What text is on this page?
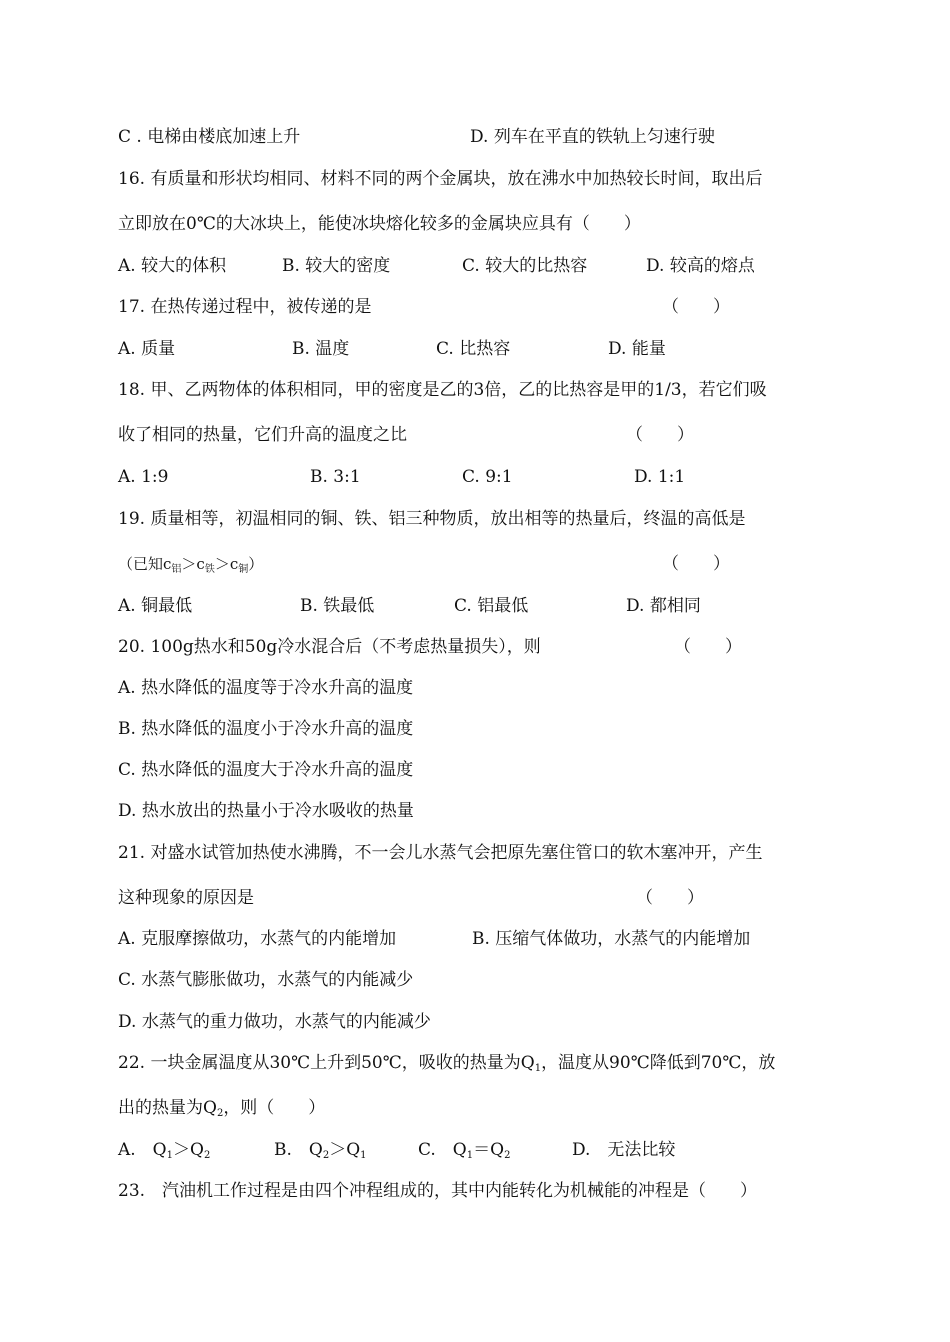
C . 电梯由楼底加速上升	D. 列车在平直的铁轨上匀速行驶
16. 有质量和形状均相同、材料不同的两个金属块，放在沸水中加热较长时间，取出后
立即放在0℃的大冰块上，能使冰块熔化较多的金属块应具有（　　）
A. 较大的体积	B. 较大的密度	C. 较大的比热容	D. 较高的熔点
17. 在热传递过程中，被传递的是	（　　）
A. 质量	B. 温度	C. 比热容	D. 能量
18. 甲、乙两物体的体积相同，甲的密度是乙的3倍，乙的比热容是甲的1/3，若它们吸
收了相同的热量，它们升高的温度之比	（　　）
A. 1:9	B. 3:1	C. 9:1	D. 1:1
19. 质量相等，初温相同的铜、铁、铝三种物质，放出相等的热量后，终温的高低是
（已知$c_铝>c_铁>c_铜$）	（　　）
A. 铜最低	B. 铁最低	C. 铝最低	D. 都相同
20. 100g热水和50g冷水混合后（不考虑热量损失），则	（　　）
A. 热水降低的温度等于冷水升高的温度
B. 热水降低的温度小于冷水升高的温度
C. 热水降低的温度大于冷水升高的温度
D. 热水放出的热量小于冷水吸收的热量
21. 对盛水试管加热使水沸腾，不一会儿水蒸气会把原先塞住管口的软木塞冲开，产生
这种现象的原因是	（　　）
A. 克服摩擦做功，水蒸气的内能增加	B. 压缩气体做功，水蒸气的内能增加
C. 水蒸气膨胀做功，水蒸气的内能减少
D. 水蒸气的重力做功，水蒸气的内能减少
22. 一块金属温度从30℃上升到50℃，吸收的热量为Q1，温度从90℃降低到70℃，放
出的热量为Q2，则（　　）
A.　Q1＞Q2	B.　Q2＞Q1	C.　Q1＝Q2	D.　无法比较
23.　汽油机工作过程是由四个冲程组成的，其中内能转化为机械能的冲程是（　　）
